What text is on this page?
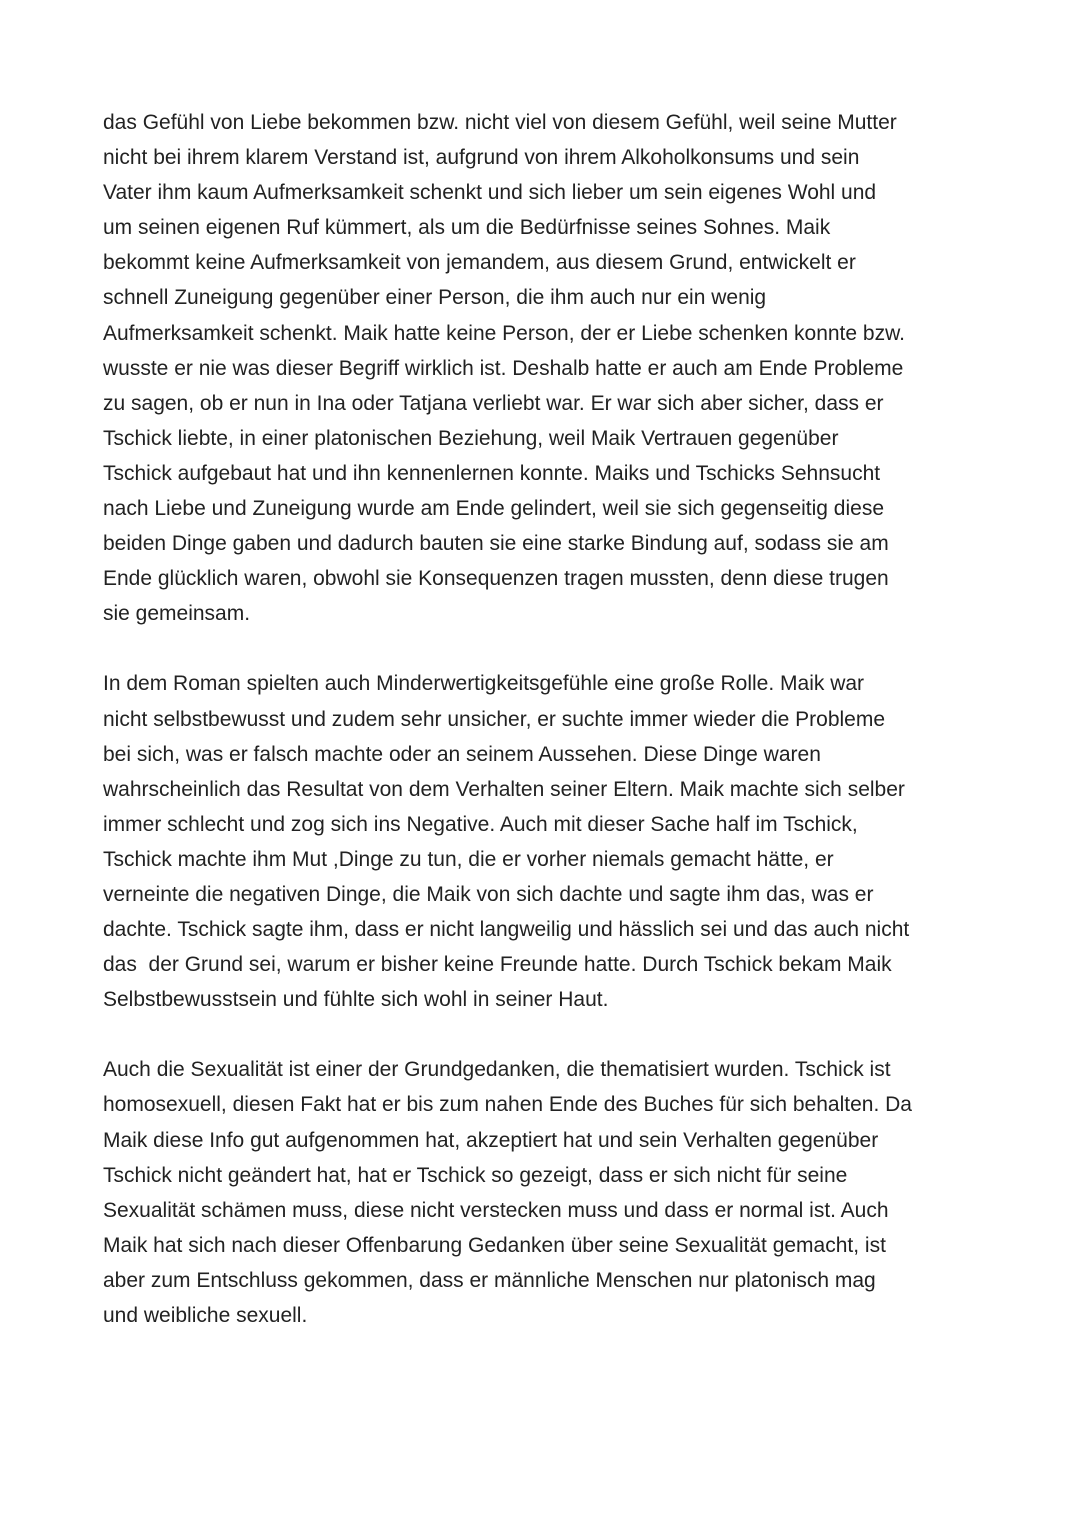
das Gefühl von Liebe bekommen bzw. nicht viel von diesem Gefühl, weil seine Mutter
nicht bei ihrem klarem Verstand ist, aufgrund von ihrem Alkoholkonsums und sein
Vater ihm kaum Aufmerksamkeit schenkt und sich lieber um sein eigenes Wohl und
um seinen eigenen Ruf kümmert, als um die Bedürfnisse seines Sohnes. Maik
bekommt keine Aufmerksamkeit von jemandem, aus diesem Grund, entwickelt er
schnell Zuneigung gegenüber einer Person, die ihm auch nur ein wenig
Aufmerksamkeit schenkt. Maik hatte keine Person, der er Liebe schenken konnte bzw.
wusste er nie was dieser Begriff wirklich ist. Deshalb hatte er auch am Ende Probleme
zu sagen, ob er nun in Ina oder Tatjana verliebt war. Er war sich aber sicher, dass er
Tschick liebte, in einer platonischen Beziehung, weil Maik Vertrauen gegenüber
Tschick aufgebaut hat und ihn kennenlernen konnte. Maiks und Tschicks Sehnsucht
nach Liebe und Zuneigung wurde am Ende gelindert, weil sie sich gegenseitig diese
beiden Dinge gaben und dadurch bauten sie eine starke Bindung auf, sodass sie am
Ende glücklich waren, obwohl sie Konsequenzen tragen mussten, denn diese trugen
sie gemeinsam.

In dem Roman spielten auch Minderwertigkeitsgefühle eine große Rolle. Maik war
nicht selbstbewusst und zudem sehr unsicher, er suchte immer wieder die Probleme
bei sich, was er falsch machte oder an seinem Aussehen. Diese Dinge waren
wahrscheinlich das Resultat von dem Verhalten seiner Eltern. Maik machte sich selber
immer schlecht und zog sich ins Negative. Auch mit dieser Sache half im Tschick,
Tschick machte ihm Mut ,Dinge zu tun, die er vorher niemals gemacht hätte, er
verneinte die negativen Dinge, die Maik von sich dachte und sagte ihm das, was er
dachte. Tschick sagte ihm, dass er nicht langweilig und hässlich sei und das auch nicht
das  der Grund sei, warum er bisher keine Freunde hatte. Durch Tschick bekam Maik
Selbstbewusstsein und fühlte sich wohl in seiner Haut.

Auch die Sexualität ist einer der Grundgedanken, die thematisiert wurden. Tschick ist
homosexuell, diesen Fakt hat er bis zum nahen Ende des Buches für sich behalten. Da
Maik diese Info gut aufgenommen hat, akzeptiert hat und sein Verhalten gegenüber
Tschick nicht geändert hat, hat er Tschick so gezeigt, dass er sich nicht für seine
Sexualität schämen muss, diese nicht verstecken muss und dass er normal ist. Auch
Maik hat sich nach dieser Offenbarung Gedanken über seine Sexualität gemacht, ist
aber zum Entschluss gekommen, dass er männliche Menschen nur platonisch mag
und weibliche sexuell.
